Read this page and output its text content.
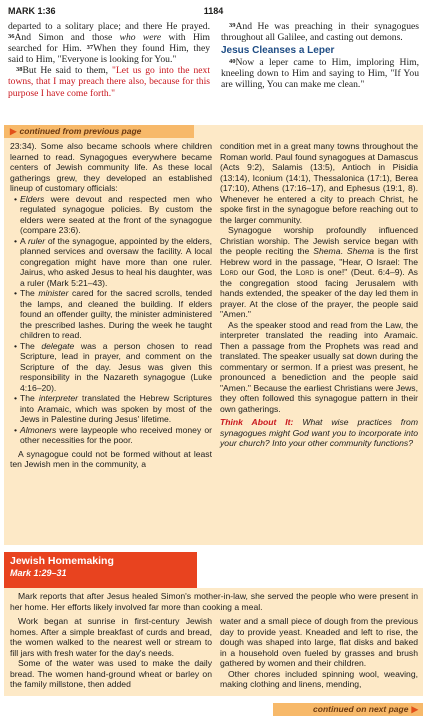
MARK 1:36	1184
departed to a solitary place; and there He prayed. $^{36}$And Simon and those who were with Him searched for Him. $^{37}$When they found Him, they said to Him, "Everyone is looking for You."
$^{38}$But He said to them, "Let us go into the next towns, that I may preach there also, because for this purpose I have come forth."
$^{39}$And He was preaching in their synagogues throughout all Galilee, and casting out demons.
Jesus Cleanses a Leper
$^{40}$Now a leper came to Him, imploring Him, kneeling down to Him and saying to Him, "If You are willing, You can make me clean."
▶ continued from previous page

23:34). Some also became schools where children learned to read. Synagogues everywhere became centers of Jewish community life. As these local gatherings grew, they developed an established lineup of customary officials:

• Elders were devout and respected men who regulated synagogue policies. By custom the elders were seated at the front of the synagogue (compare 23:6).

• A ruler of the synagogue, appointed by the elders, planned services and oversaw the facility. A local congregation might have more than one ruler. Jairus, who asked Jesus to heal his daughter, was a ruler (Mark 5:21–43).

• The minister cared for the sacred scrolls, tended the lamps, and cleaned the building. If elders found an offender guilty, the minister administered the prescribed lashes. During the week he taught children to read.

• The delegate was a person chosen to read Scripture, lead in prayer, and comment on the Scripture of the day. Jesus was given this responsibility in the Nazareth synagogue (Luke 4:16–20).

• The interpreter translated the Hebrew Scriptures into Aramaic, which was spoken by most of the Jews in Palestine during Jesus' lifetime.

• Almoners were laypeople who received money or other necessities for the poor.

A synagogue could not be formed without at least ten Jewish men in the community, a

condition met in a great many towns throughout the Roman world. Paul found synagogues at Damascus (Acts 9:2), Salamis (13:5), Antioch in Pisidia (13:14), Iconium (14:1), Thessalonica (17:1), Berea (17:10), Athens (17:16–17), and Ephesus (19:1, 8). Whenever he entered a city to preach Christ, he spoke first in the synagogue before reaching out to the larger community.

Synagogue worship profoundly influenced Christian worship. The Jewish service began with the people reciting the Shema. Shema is the first Hebrew word in the passage, "Hear, O Israel: The Lord our God, the Lord is one!" (Deut. 6:4–9). As the congregation stood facing Jerusalem with hands extended, the speaker of the day led them in prayer. At the close of the prayer, the people said "Amen."

As the speaker stood and read from the Law, the interpreter translated the reading into Aramaic. Then a passage from the Prophets was read and translated. The speaker usually sat down during the commentary or sermon. If a priest was present, he pronounced a benediction and the people said "Amen." Because the earliest Christians were Jews, they often followed this synagogue pattern in their own gatherings.

Think About It: What wise practices from synagogues might God want you to incorporate into your church? Into your other community functions?

Jewish Homemaking
Mark 1:29–31
Mark reports that after Jesus healed Simon's mother-in-law, she served the people who were present in her home. Her efforts likely involved far more than cooking a meal.

Work began at sunrise in first-century Jewish homes. After a simple breakfast of curds and bread, the women walked to the nearest well or stream to fill jars with fresh water for the day's needs.

Some of the water was used to make the daily bread. The women hand-ground wheat or barley on the family millstone, then added

water and a small piece of dough from the previous day to provide yeast. Kneaded and left to rise, the dough was shaped into large, flat disks and baked in a household oven fueled by grasses and brush gathered by women and their children.

Other chores included spinning wool, weaving, making clothing and linens, mending,

continued on next page ▶
